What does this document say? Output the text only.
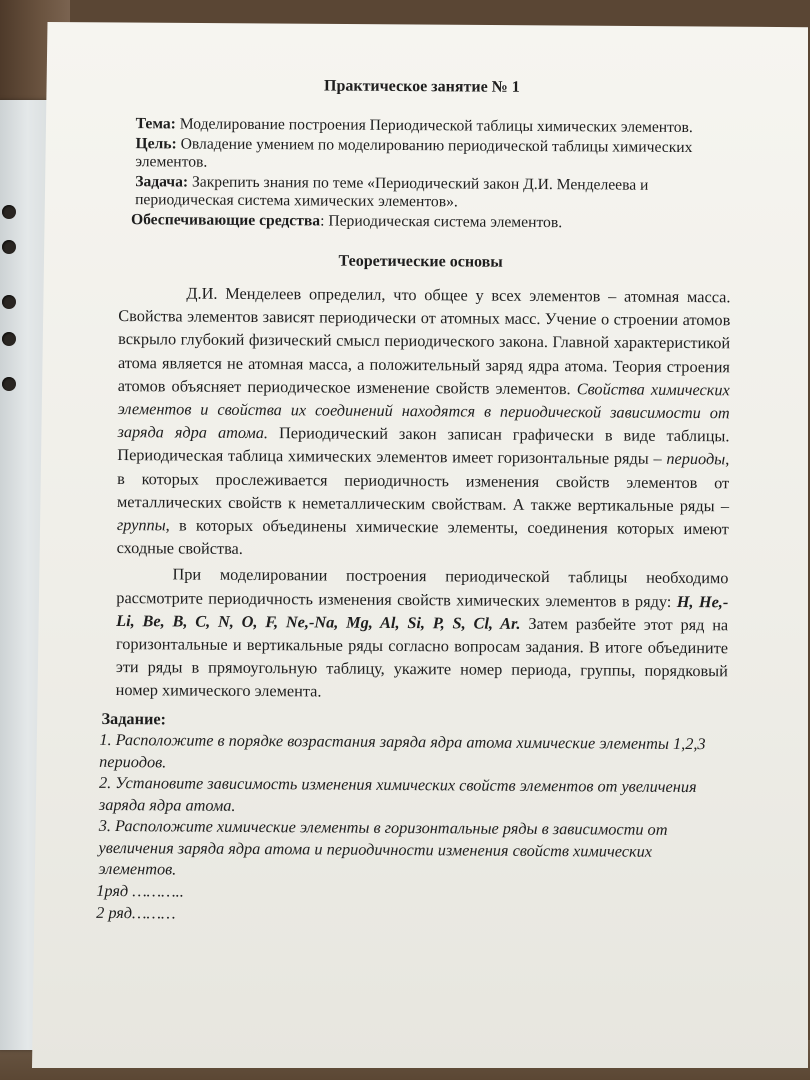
Практическое занятие № 1
Тема: Моделирование построения Периодической таблицы химических элементов.
Цель: Овладение умением по моделированию периодической таблицы химических элементов.
Задача: Закрепить знания по теме «Периодический закон Д.И. Менделеева и периодическая система химических элементов».
Обеспечивающие средства: Периодическая система элементов.
Теоретические основы
Д.И. Менделеев определил, что общее у всех элементов – атомная масса. Свойства элементов зависят периодически от атомных масс. Учение о строении атомов вскрыло глубокий физический смысл периодического закона. Главной характеристикой атома является не атомная масса, а положительный заряд ядра атома. Теория строения атомов объясняет периодическое изменение свойств элементов. Свойства химических элементов и свойства их соединений находятся в периодической зависимости от заряда ядра атома. Периодический закон записан графически в виде таблицы. Периодическая таблица химических элементов имеет горизонтальные ряды – периоды, в которых прослеживается периодичность изменения свойств элементов от металлических свойств к неметаллическим свойствам. А также вертикальные ряды – группы, в которых объединены химические элементы, соединения которых имеют сходные свойства.
При моделировании построения периодической таблицы необходимо рассмотрите периодичность изменения свойств химических элементов в ряду: H, He,-Li, Be, B, C, N, O, F, Ne,-Na, Mg, Al, Si, P, S, Cl, Ar. Затем разбейте этот ряд на горизонтальные и вертикальные ряды согласно вопросам задания. В итоге объедините эти ряды в прямоугольную таблицу, укажите номер периода, группы, порядковый номер химического элемента.
Задание:
1. Расположите в порядке возрастания заряда ядра атома химические элементы 1,2,3 периодов.
2. Установите зависимость изменения химических свойств элементов от увеличения заряда ядра атома.
3. Расположите химические элементы в горизонтальные ряды в зависимости от увеличения заряда ядра атома и периодичности изменения свойств химических элементов.
1ряд ………..
2 ряд………
